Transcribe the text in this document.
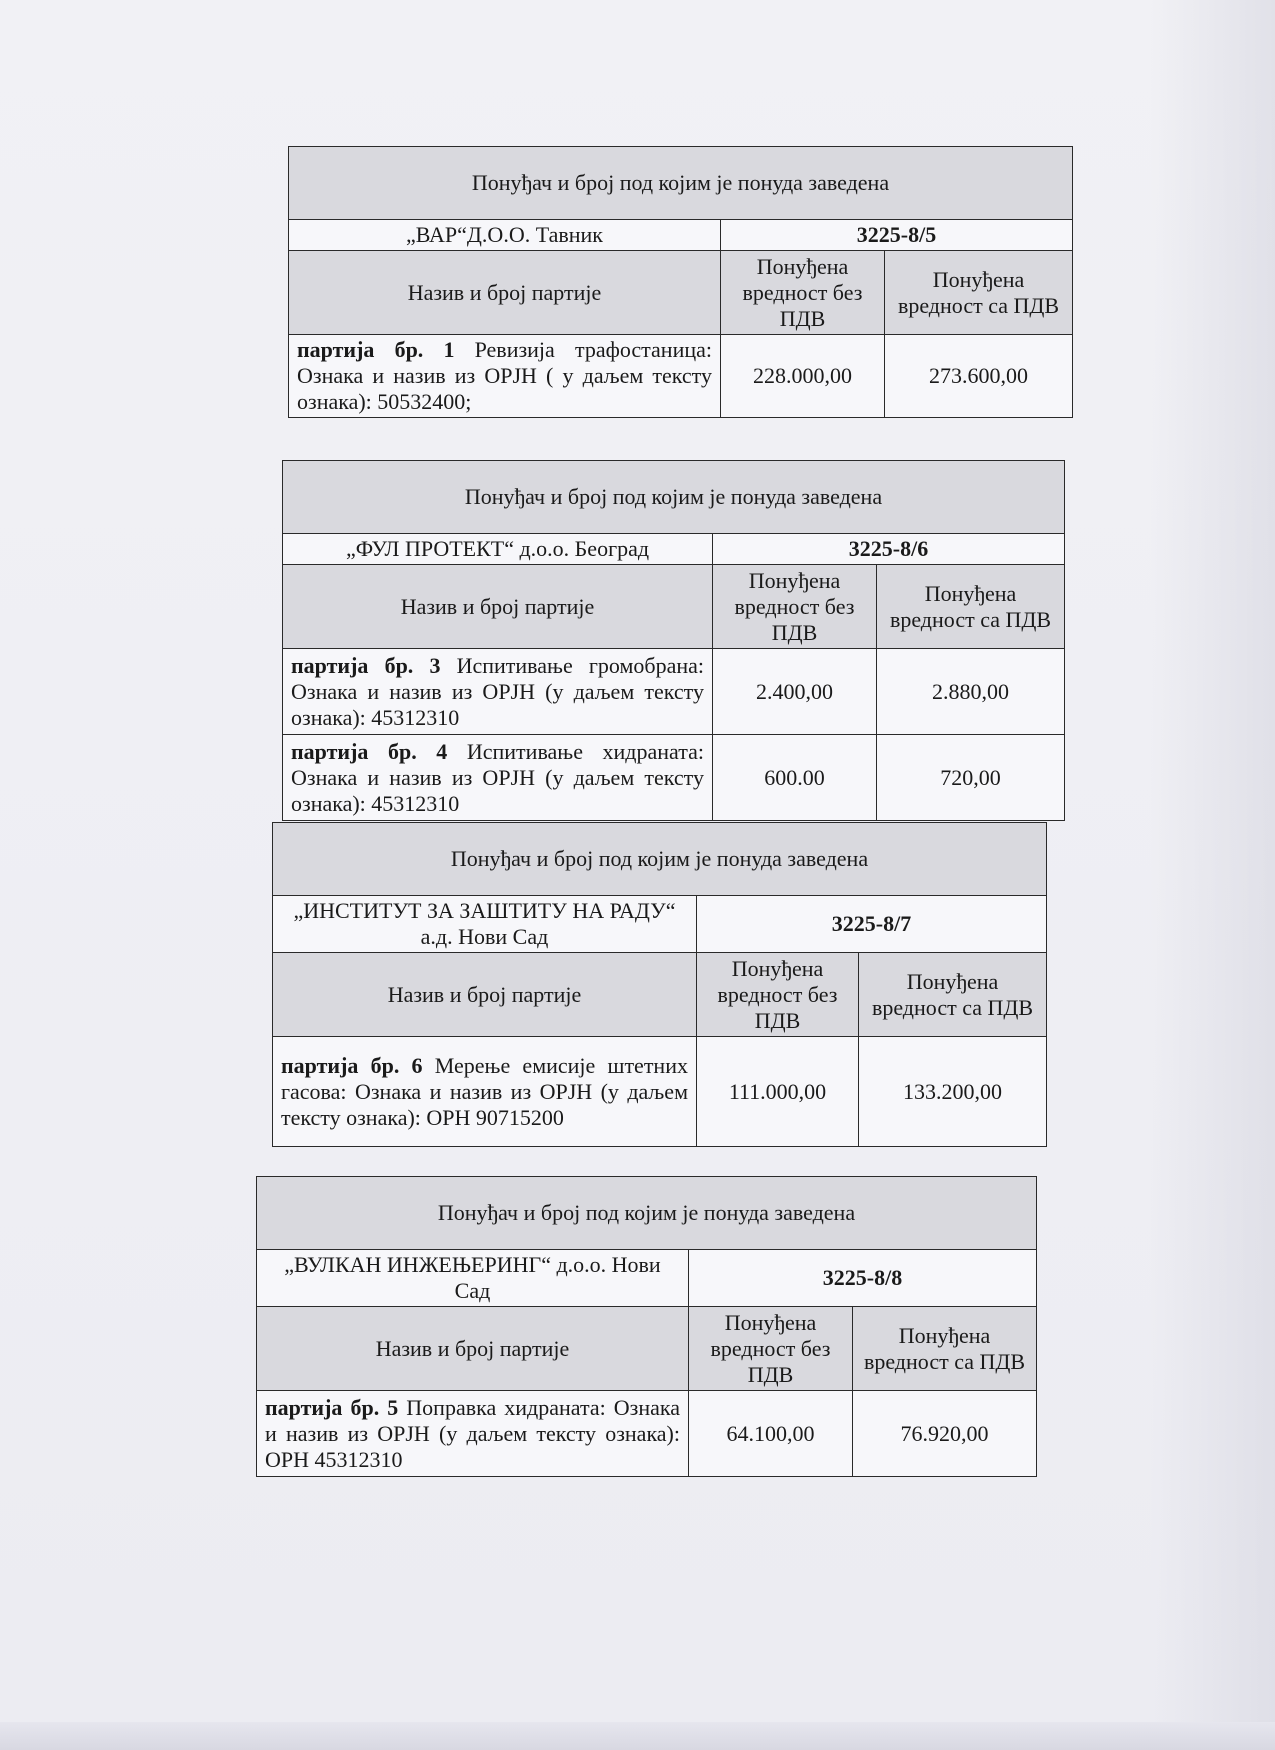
Понуђач и број под којим је понуда заведена		
„ВАР“Д.О.О. Тавник	3225-8/5	
Назив и број партије	Понуђена вредност без ПДВ	Понуђена вредност са ПДВ
партија бр. 1 Ревизија трафостаница: Ознака и назив из ОРЈН ( у даљем тексту ознака): 50532400;	228.000,00	273.600,00
Понуђач и број под којим је понуда заведена		
„ФУЛ ПРОТЕКТ“ д.о.о. Београд	3225-8/6	
Назив и број партије	Понуђена вредност без ПДВ	Понуђена вредност са ПДВ
партија бр. 3 Испитивање громобрана: Ознака и назив из ОРЈН (у даљем тексту ознака): 45312310	2.400,00	2.880,00
партија бр. 4 Испитивање хидраната: Ознака и назив из ОРЈН (у даљем тексту ознака): 45312310	600.00	720,00
Понуђач и број под којим је понуда заведена		
„ИНСТИТУТ ЗА ЗАШТИТУ НА РАДУ“ а.д. Нови Сад	3225-8/7	
Назив и број партије	Понуђена вредност без ПДВ	Понуђена вредност са ПДВ
партија бр. 6 Мерење емисије штетних гасова: Ознака и назив из ОРЈН (у даљем тексту ознака): ОРН 90715200	111.000,00	133.200,00
Понуђач и број под којим је понуда заведена		
„ВУЛКАН ИНЖЕЊЕРИНГ“ д.о.о. Нови Сад	3225-8/8	
Назив и број партије	Понуђена вредност без ПДВ	Понуђена вредност са ПДВ
партија бр. 5 Поправка хидраната: Ознака и назив из ОРЈН (у даљем тексту ознака): ОРН 45312310	64.100,00	76.920,00
